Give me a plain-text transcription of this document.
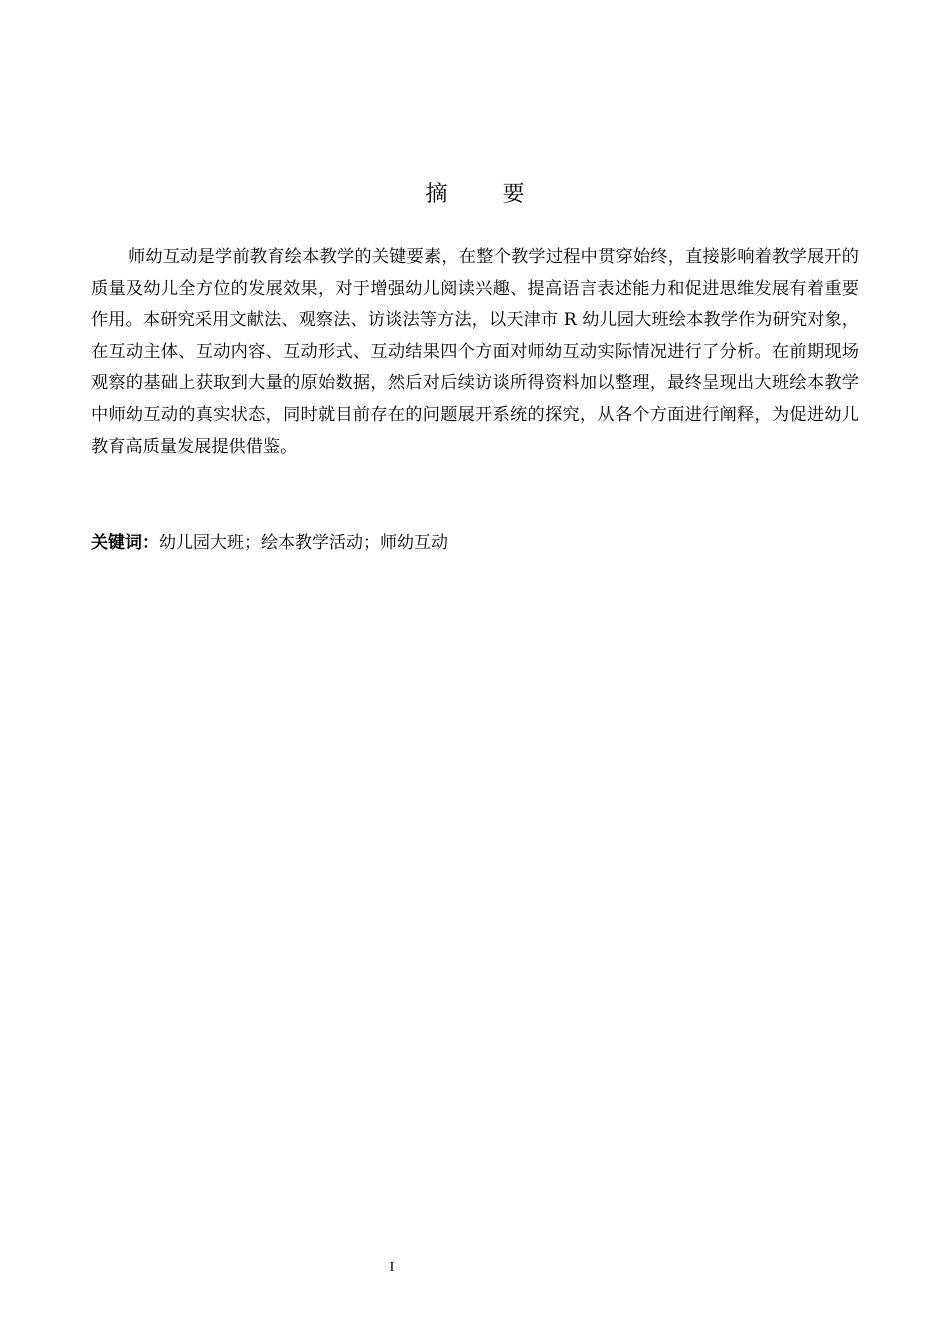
摘 要

师幼互动是学前教育绘本教学的关键要素，在整个教学过程中贯穿始终，直接影响着教学展开的质量及幼儿全方位的发展效果，对于增强幼儿阅读兴趣、提高语言表述能力和促进思维发展有着重要作用。本研究采用文献法、观察法、访谈法等方法，以天津市 R 幼儿园大班绘本教学作为研究对象，在互动主体、互动内容、互动形式、互动结果四个方面对师幼互动实际情况进行了分析。在前期现场观察的基础上获取到大量的原始数据，然后对后续访谈所得资料加以整理，最终呈现出大班绘本教学中师幼互动的真实状态，同时就目前存在的问题展开系统的探究，从各个方面进行阐释，为促进幼儿教育高质量发展提供借鉴。

关键词：幼儿园大班；绘本教学活动；师幼互动
I
